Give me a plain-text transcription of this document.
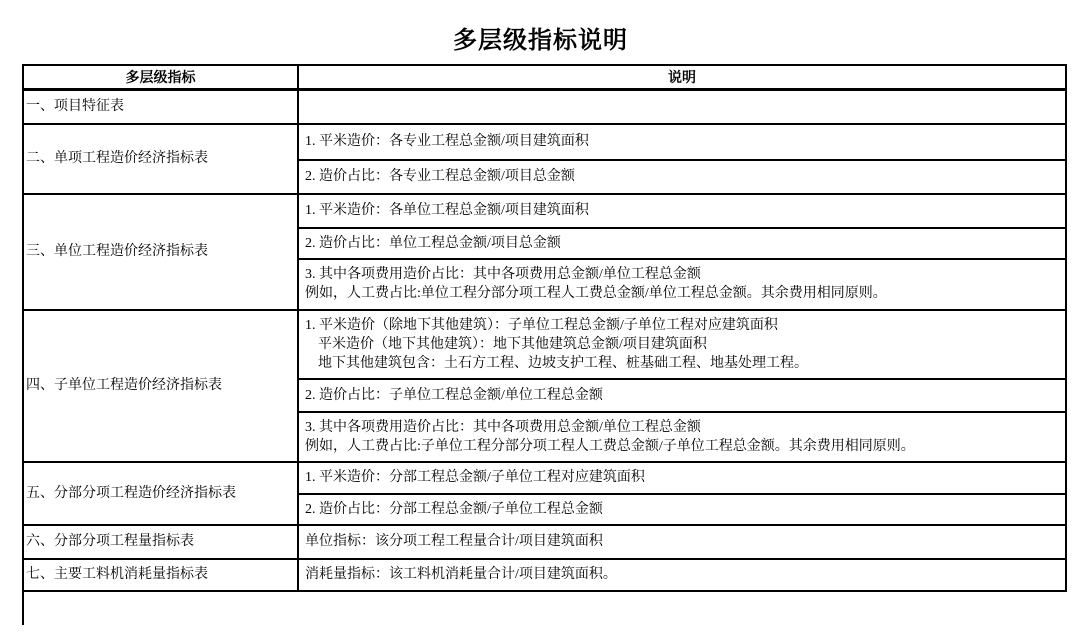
多层级指标说明
多层级指标	说明

一、项目特征表	

二、单项工程造价经济指标表	1. 平米造价：各专业工程总金额/项目建筑面积

	2. 造价占比：各专业工程总金额/项目总金额

三、单位工程造价经济指标表	1. 平米造价：各单位工程总金额/项目建筑面积

	2. 造价占比：单位工程总金额/项目总金额

	3. 其中各项费用造价占比：其中各项费用总金额/单位工程总金额
例如，人工费占比:单位工程分部分项工程人工费总金额/单位工程总金额。其余费用相同原则。

四、子单位工程造价经济指标表	1. 平米造价（除地下其他建筑）：子单位工程总金额/子单位工程对应建筑面积
平米造价（地下其他建筑）：地下其他建筑总金额/项目建筑面积
地下其他建筑包含：土石方工程、边坡支护工程、桩基础工程、地基处理工程。

	2. 造价占比：子单位工程总金额/单位工程总金额

	3. 其中各项费用造价占比：其中各项费用总金额/单位工程总金额
例如，人工费占比:子单位工程分部分项工程人工费总金额/子单位工程总金额。其余费用相同原则。

五、分部分项工程造价经济指标表	1. 平米造价：分部工程总金额/子单位工程对应建筑面积

	2. 造价占比：分部工程总金额/子单位工程总金额

六、分部分项工程量指标表	单位指标：该分项工程工程量合计/项目建筑面积

七、主要工料机消耗量指标表	消耗量指标：该工料机消耗量合计/项目建筑面积。
